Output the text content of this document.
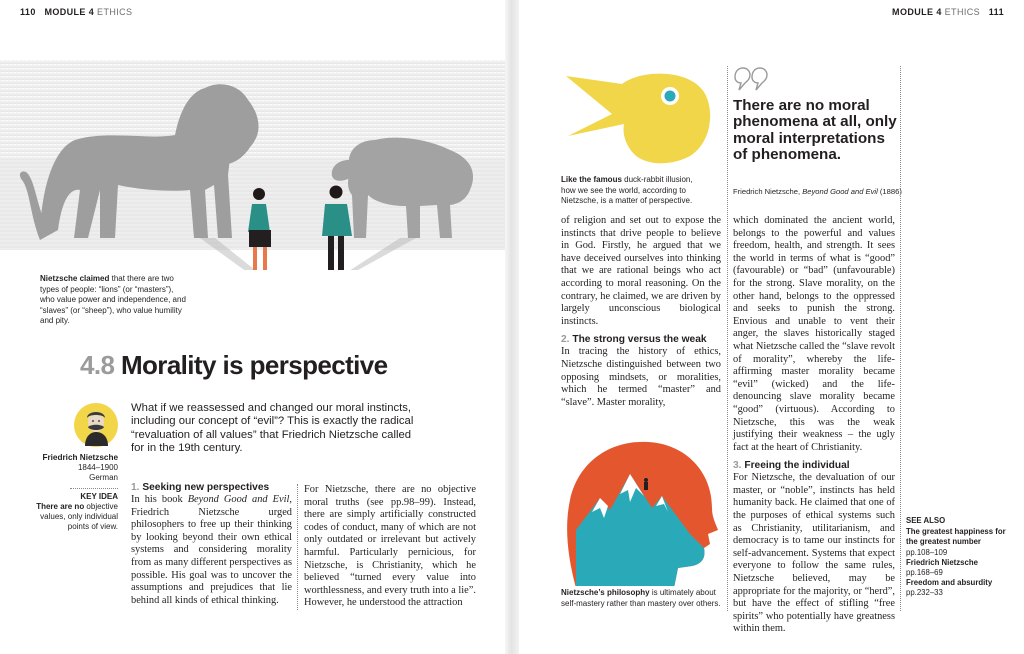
110 MODULE 4 ETHICS	MODULE 4 ETHICS 111
Nietzsche claimed that there are two types of people: “lions” (or “masters”), who value power and independence, and “slaves” (or “sheep”), who value humility and pity.
4.8 Morality is perspective
What if we reassessed and changed our moral instincts, including our concept of “evil”? This is exactly the radical “revaluation of all values” that Friedrich Nietzsche called for in the 19th century.
Friedrich Nietzsche
1844–1900
German
KEY IDEA
There are no objective values, only individual points of view.
1. Seeking new perspectives
In his book Beyond Good and Evil, Friedrich Nietzsche urged philosophers to free up their thinking by looking beyond their own ethical systems and considering morality from as many different perspectives as possible. His goal was to uncover the assumptions and prejudices that lie behind all kinds of ethical thinking.
For Nietzsche, there are no objective moral truths (see pp.98–99). Instead, there are simply artificially constructed codes of conduct, many of which are not only outdated or irrelevant but actively harmful. Particularly pernicious, for Nietzsche, is Christianity, which he believed “turned every value into worthlessness, and every truth into a lie”. However, he understood the attraction
Like the famous duck-rabbit illusion, how we see the world, according to Nietzsche, is a matter of perspective.
of religion and set out to expose the instincts that drive people to believe in God. Firstly, he argued that we have deceived ourselves into thinking that we are rational beings who act according to moral reasoning. On the contrary, he claimed, we are driven by largely unconscious biological instincts.
2. The strong versus the weak
In tracing the history of ethics, Nietzsche distinguished between two opposing mindsets, or moralities, which he termed “master” and “slave”. Master morality,
Nietzsche’s philosophy is ultimately about self-mastery rather than mastery over others.
There are no moral phenomena at all, only moral interpretations of phenomena.
Friedrich Nietzsche, Beyond Good and Evil (1886)
which dominated the ancient world, belongs to the powerful and values freedom, health, and strength. It sees the world in terms of what is “good” (favourable) or “bad” (unfavourable) for the strong. Slave morality, on the other hand, belongs to the oppressed and seeks to punish the strong. Envious and unable to vent their anger, the slaves historically staged what Nietzsche called the “slave revolt of morality”, whereby the life-affirming master morality became “evil” (wicked) and the life-denouncing slave morality became “good” (virtuous). According to Nietzsche, this was the weak justifying their weakness – the ugly fact at the heart of Christianity.
3. Freeing the individual
For Nietzsche, the devaluation of our master, or “noble”, instincts has held humanity back. He claimed that one of the purposes of ethical systems such as Christianity, utilitarianism, and democracy is to tame our instincts for self-advancement. Systems that expect everyone to follow the same rules, Nietzsche believed, may be appropriate for the majority, or “herd”, but have the effect of stifling “free spirits” who potentially have greatness within them.
SEE ALSO
The greatest happiness for the greatest number
pp.108–109
Friedrich Nietzsche
pp.168–69
Freedom and absurdity
pp.232–33
